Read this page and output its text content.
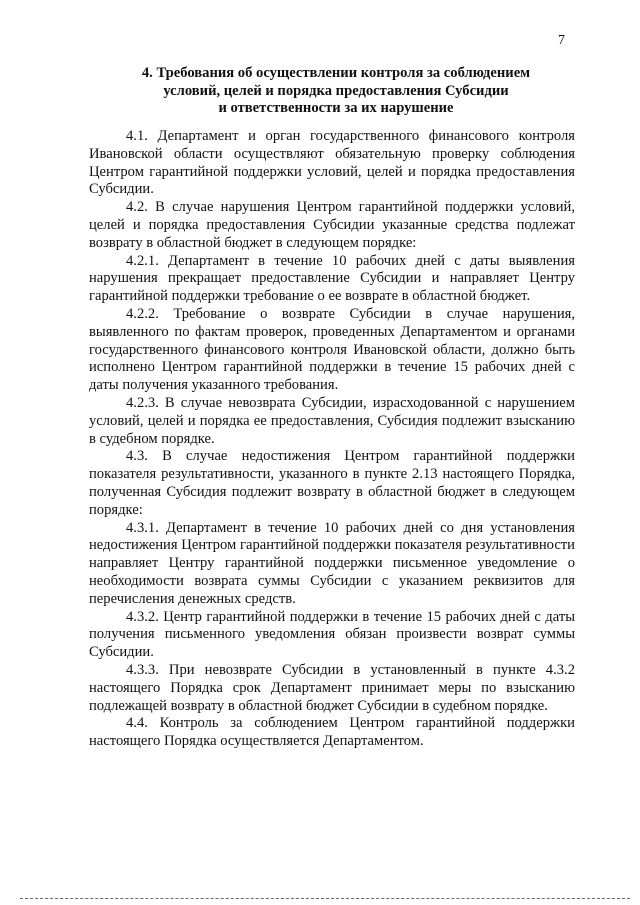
7
4. Требования об осуществлении контроля за соблюдением
условий, целей и порядка предоставления Субсидии
и ответственности за их нарушение

4.1. Департамент и орган государственного финансового контроля Ивановской области осуществляют обязательную проверку соблюдения Центром гарантийной поддержки условий, целей и порядка предоставления Субсидии.

4.2. В случае нарушения Центром гарантийной поддержки условий, целей и порядка предоставления Субсидии указанные средства подлежат возврату в областной бюджет в следующем порядке:

4.2.1. Департамент в течение 10 рабочих дней с даты выявления нарушения прекращает предоставление Субсидии и направляет Центру гарантийной поддержки требование о ее возврате в областной бюджет.

4.2.2. Требование о возврате Субсидии в случае нарушения, выявленного по фактам проверок, проведенных Департаментом и органами государственного финансового контроля Ивановской области, должно быть исполнено Центром гарантийной поддержки в течение 15 рабочих дней с даты получения указанного требования.

4.2.3. В случае невозврата Субсидии, израсходованной с нарушением условий, целей и порядка ее предоставления, Субсидия подлежит взысканию в судебном порядке.

4.3. В случае недостижения Центром гарантийной поддержки показателя результативности, указанного в пункте 2.13 настоящего Порядка, полученная Субсидия подлежит возврату в областной бюджет в следующем порядке:

4.3.1. Департамент в течение 10 рабочих дней со дня установления недостижения Центром гарантийной поддержки показателя результативности направляет Центру гарантийной поддержки письменное уведомление о необходимости возврата суммы Субсидии с указанием реквизитов для перечисления денежных средств.

4.3.2. Центр гарантийной поддержки в течение 15 рабочих дней с даты получения письменного уведомления обязан произвести возврат суммы Субсидии.

4.3.3. При невозврате Субсидии в установленный в пункте 4.3.2 настоящего Порядка срок Департамент принимает меры по взысканию подлежащей возврату в областной бюджет Субсидии в судебном порядке.

4.4. Контроль за соблюдением Центром гарантийной поддержки настоящего Порядка осуществляется Департаментом.
